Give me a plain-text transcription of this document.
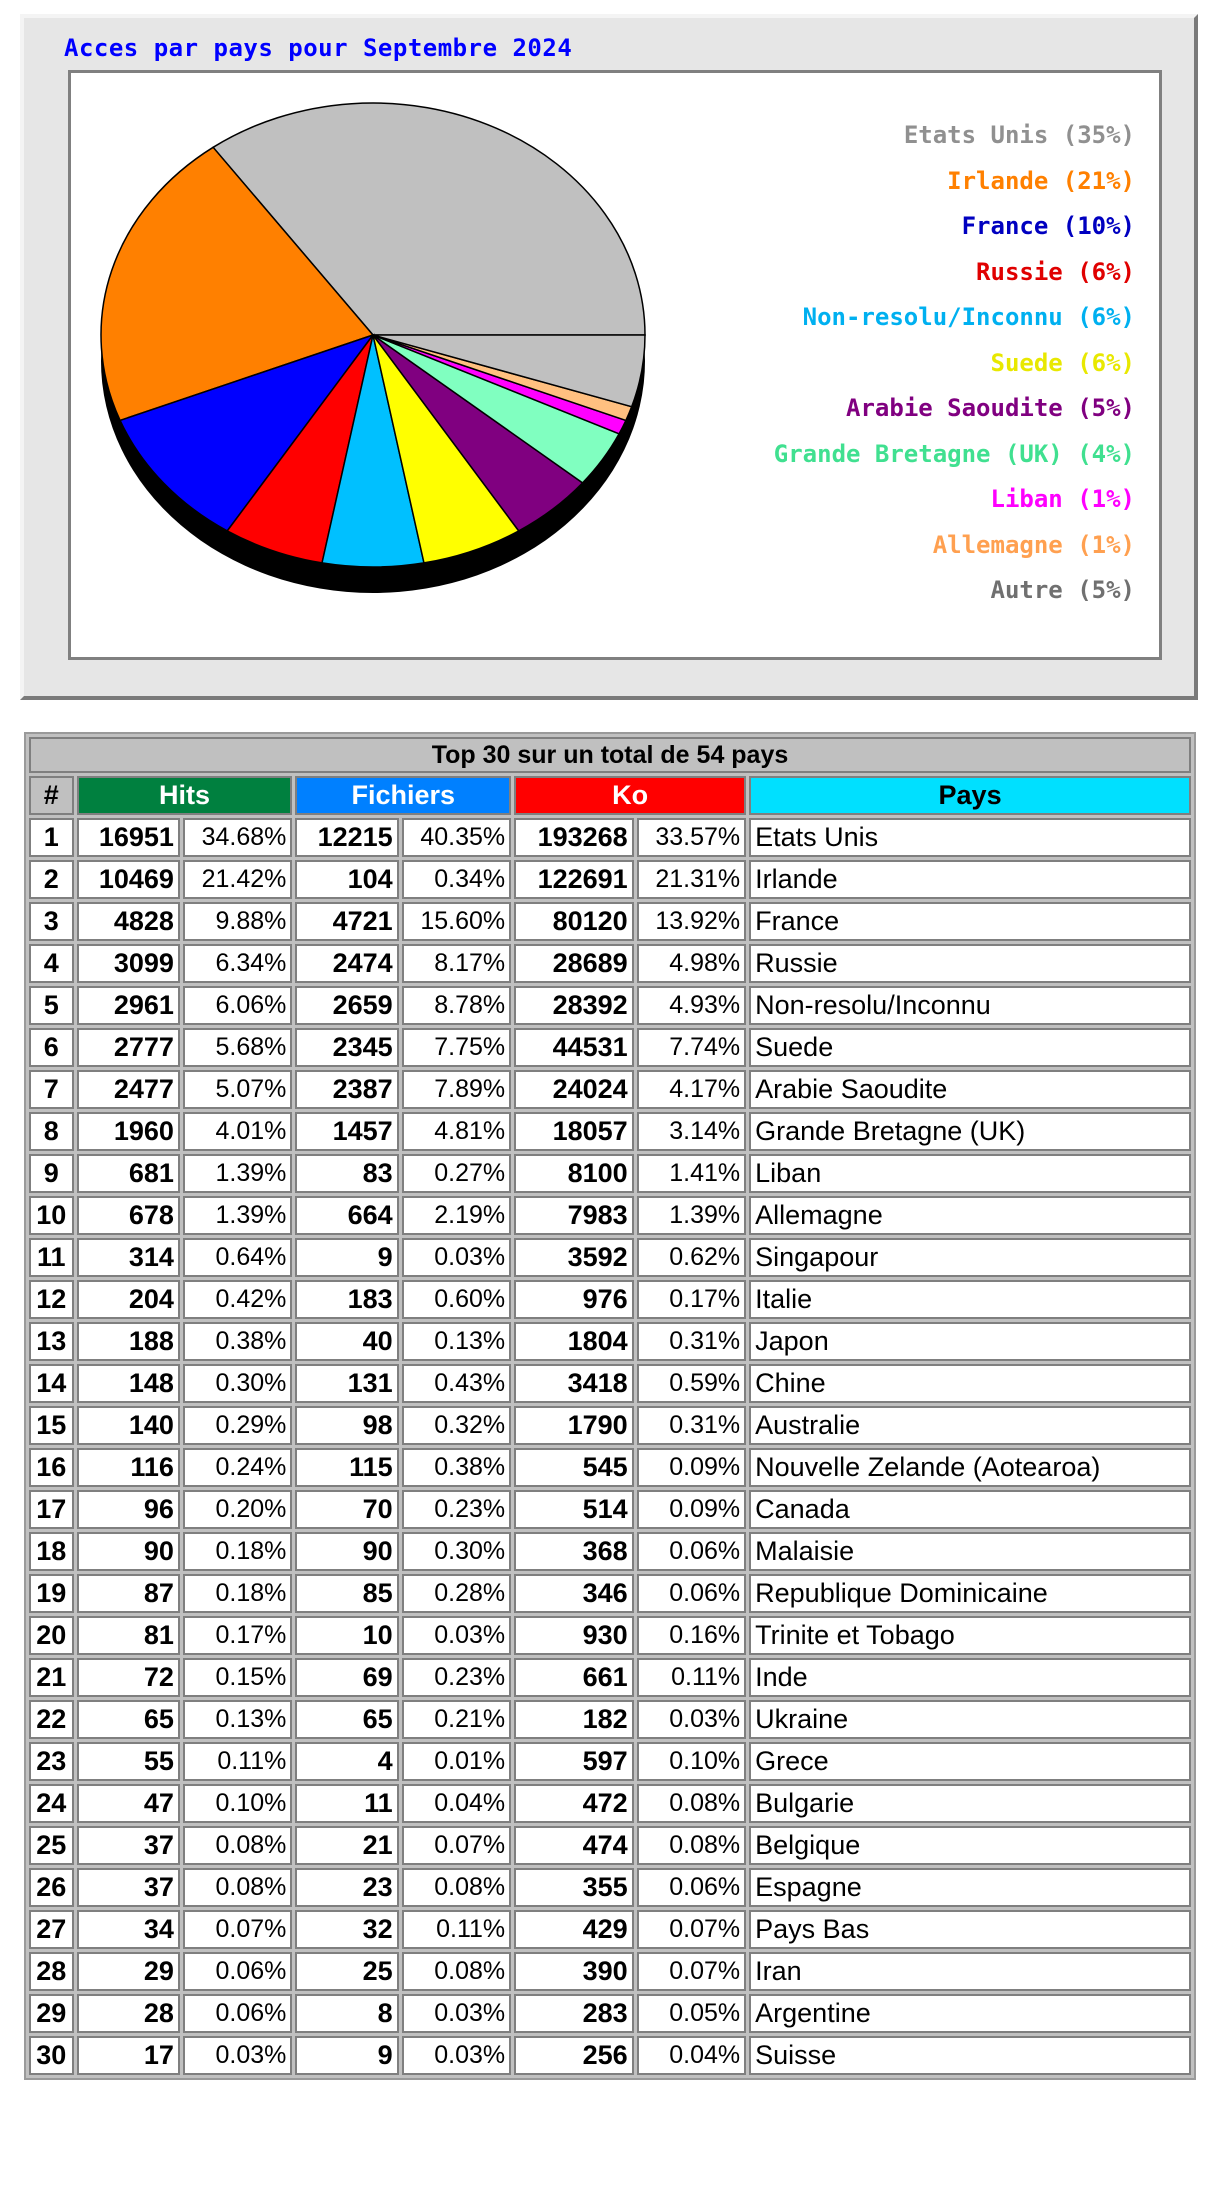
Acces par pays pour Septembre 2024
Etats Unis (35%)
Irlande (21%)
France (10%)
Russie (6%)
Non-resolu/Inconnu (6%)
Suede (6%)
Arabie Saoudite (5%)
Grande Bretagne (UK) (4%)
Liban (1%)
Allemagne (1%)
Autre (5%)
Top 30 sur un total de 54 pays							
#	Hits		Fichiers		Ko		Pays
1	16951	34.68%	12215	40.35%	193268	33.57%	Etats Unis
2	10469	21.42%	104	0.34%	122691	21.31%	Irlande
3	4828	9.88%	4721	15.60%	80120	13.92%	France
4	3099	6.34%	2474	8.17%	28689	4.98%	Russie
5	2961	6.06%	2659	8.78%	28392	4.93%	Non-resolu/Inconnu
6	2777	5.68%	2345	7.75%	44531	7.74%	Suede
7	2477	5.07%	2387	7.89%	24024	4.17%	Arabie Saoudite
8	1960	4.01%	1457	4.81%	18057	3.14%	Grande Bretagne (UK)
9	681	1.39%	83	0.27%	8100	1.41%	Liban
10	678	1.39%	664	2.19%	7983	1.39%	Allemagne
11	314	0.64%	9	0.03%	3592	0.62%	Singapour
12	204	0.42%	183	0.60%	976	0.17%	Italie
13	188	0.38%	40	0.13%	1804	0.31%	Japon
14	148	0.30%	131	0.43%	3418	0.59%	Chine
15	140	0.29%	98	0.32%	1790	0.31%	Australie
16	116	0.24%	115	0.38%	545	0.09%	Nouvelle Zelande (Aotearoa)
17	96	0.20%	70	0.23%	514	0.09%	Canada
18	90	0.18%	90	0.30%	368	0.06%	Malaisie
19	87	0.18%	85	0.28%	346	0.06%	Republique Dominicaine
20	81	0.17%	10	0.03%	930	0.16%	Trinite et Tobago
21	72	0.15%	69	0.23%	661	0.11%	Inde
22	65	0.13%	65	0.21%	182	0.03%	Ukraine
23	55	0.11%	4	0.01%	597	0.10%	Grece
24	47	0.10%	11	0.04%	472	0.08%	Bulgarie
25	37	0.08%	21	0.07%	474	0.08%	Belgique
26	37	0.08%	23	0.08%	355	0.06%	Espagne
27	34	0.07%	32	0.11%	429	0.07%	Pays Bas
28	29	0.06%	25	0.08%	390	0.07%	Iran
29	28	0.06%	8	0.03%	283	0.05%	Argentine
30	17	0.03%	9	0.03%	256	0.04%	Suisse
